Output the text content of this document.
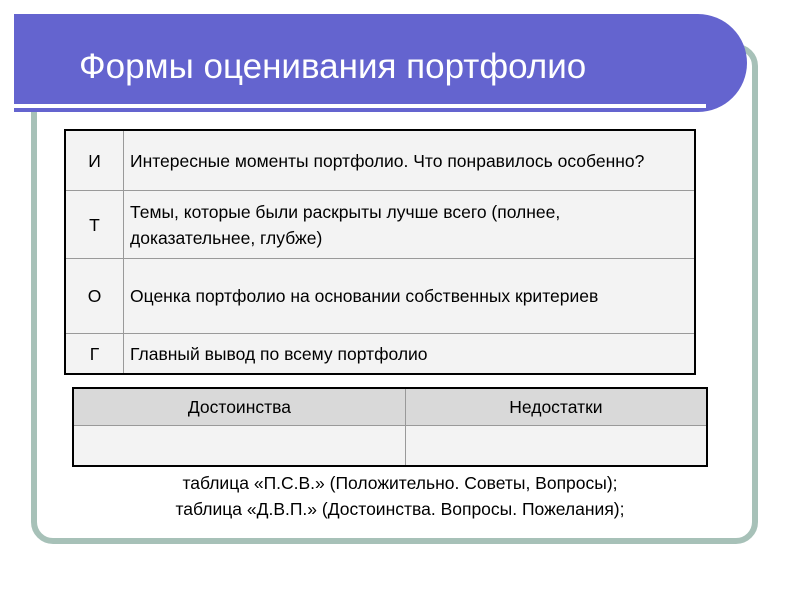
Формы оценивания портфолио
И	Интересные моменты портфолио. Что понравилось особенно?
Т	Темы, которые были раскрыты лучше всего (полнее, доказательнее, глубже)
О	Оценка портфолио на основании собственных критериев
Г	Главный вывод по всему портфолио
Достоинства	Недостатки

таблица «П.С.В.» (Положительно. Советы, Вопросы);
таблица «Д.В.П.» (Достоинства. Вопросы. Пожелания);
